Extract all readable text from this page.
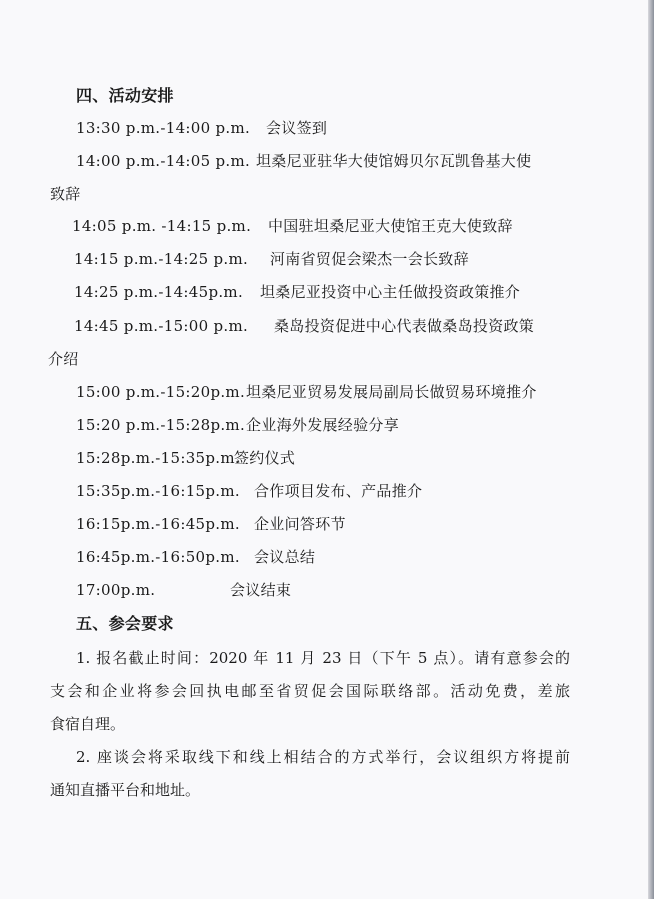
四、活动安排
13:30 p.m.-14:00 p.m. 会议签到
14:00 p.m.-14:05 p.m. 坦桑尼亚驻华大使馆姆贝尔瓦凯鲁基大使
致辞
14:05 p.m. -14:15 p.m. 中国驻坦桑尼亚大使馆王克大使致辞
14:15 p.m.-14:25 p.m. 河南省贸促会梁杰一会长致辞
14:25 p.m.-14:45p.m. 坦桑尼亚投资中心主任做投资政策推介
14:45 p.m.-15:00 p.m. 桑岛投资促进中心代表做桑岛投资政策
介绍
15:00 p.m.-15:20p.m.坦桑尼亚贸易发展局副局长做贸易环境推介
15:20 p.m.-15:28p.m.企业海外发展经验分享
15:28p.m.-15:35p.m.签约仪式
15:35p.m.-16:15p.m. 合作项目发布、产品推介
16:15p.m.-16:45p.m. 企业问答环节
16:45p.m.-16:50p.m. 会议总结
17:00p.m.	会议结束
五、参会要求
1. 报名截止时间：2020 年 11 月 23 日（下午 5 点）。请有意参会的
支会和企业将参会回执电邮至省贸促会国际联络部。活动免费，差旅
食宿自理。
2. 座谈会将采取线下和线上相结合的方式举行，会议组织方将提前
通知直播平台和地址。
